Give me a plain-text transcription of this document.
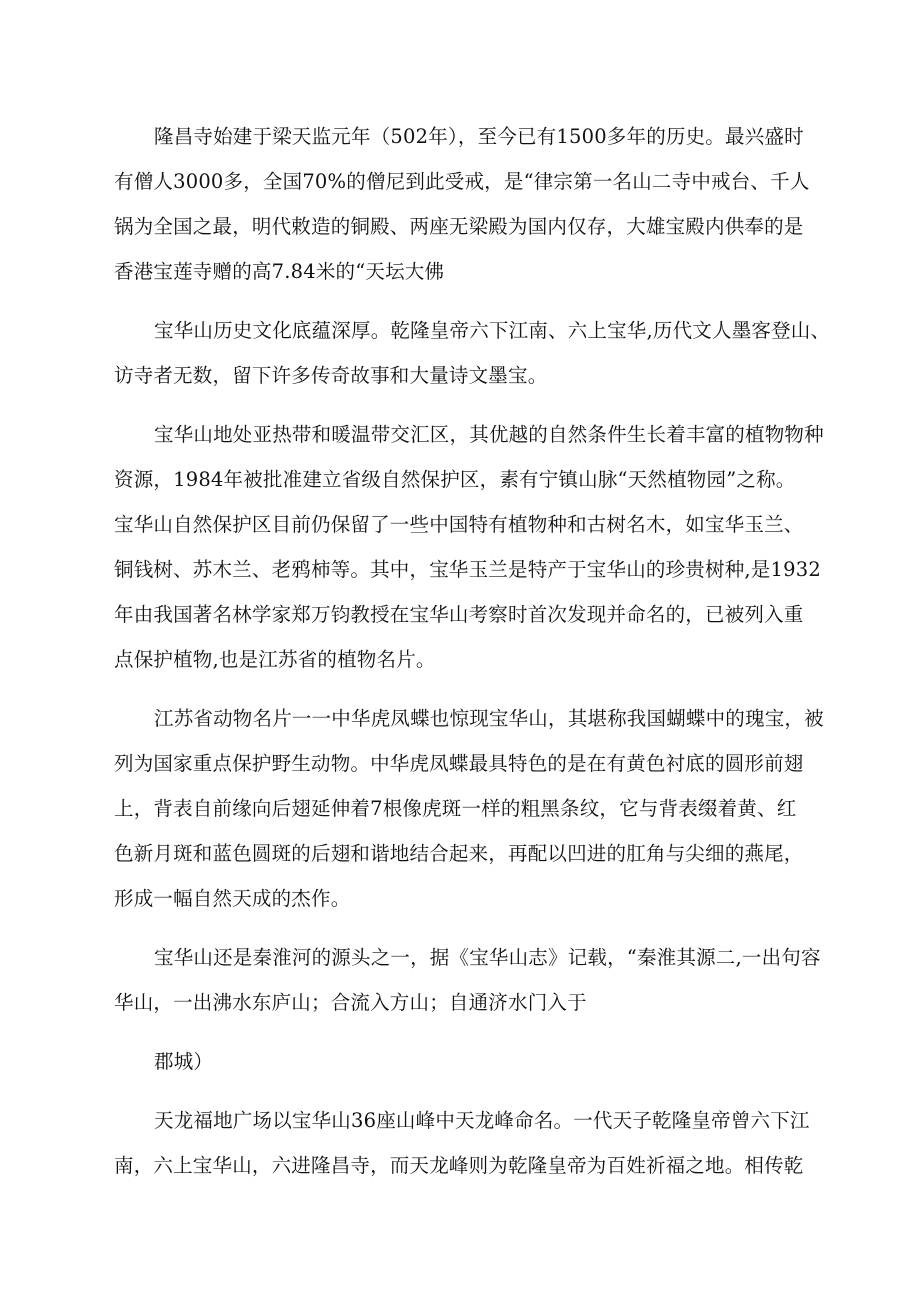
隆昌寺始建于梁天监元年（502年），至今已有1500多年的历史。最兴盛时
有僧人3000多，全国70%的僧尼到此受戒，是“律宗第一名山二寺中戒台、千人
锅为全国之最，明代敕造的铜殿、两座无梁殿为国内仅存，大雄宝殿内供奉的是
香港宝莲寺赠的高7.84米的“天坛大佛
宝华山历史文化底蕴深厚。乾隆皇帝六下江南、六上宝华,历代文人墨客登山、
访寺者无数，留下许多传奇故事和大量诗文墨宝。
宝华山地处亚热带和暖温带交汇区，其优越的自然条件生长着丰富的植物物种
资源，1984年被批准建立省级自然保护区，素有宁镇山脉“天然植物园”之称。
宝华山自然保护区目前仍保留了一些中国特有植物种和古树名木，如宝华玉兰、
铜钱树、苏木兰、老鸦柿等。其中，宝华玉兰是特产于宝华山的珍贵树种,是1932
年由我国著名林学家郑万钧教授在宝华山考察时首次发现并命名的，已被列入重
点保护植物,也是江苏省的植物名片。
江苏省动物名片一一中华虎凤蝶也惊现宝华山，其堪称我国蝴蝶中的瑰宝，被
列为国家重点保护野生动物。中华虎凤蝶最具特色的是在有黄色衬底的圆形前翅
上，背表自前缘向后翅延伸着7根像虎斑一样的粗黑条纹，它与背表缀着黄、红
色新月斑和蓝色圆斑的后翅和谐地结合起来，再配以凹进的肛角与尖细的燕尾，
形成一幅自然天成的杰作。
宝华山还是秦淮河的源头之一，据《宝华山志》记载，“秦淮其源二,一出句容
华山，一出沸水东庐山；合流入方山；自通济水门入于
郡城）
天龙福地广场以宝华山36座山峰中天龙峰命名。一代天子乾隆皇帝曾六下江
南，六上宝华山，六进隆昌寺，而天龙峰则为乾隆皇帝为百姓祈福之地。相传乾
